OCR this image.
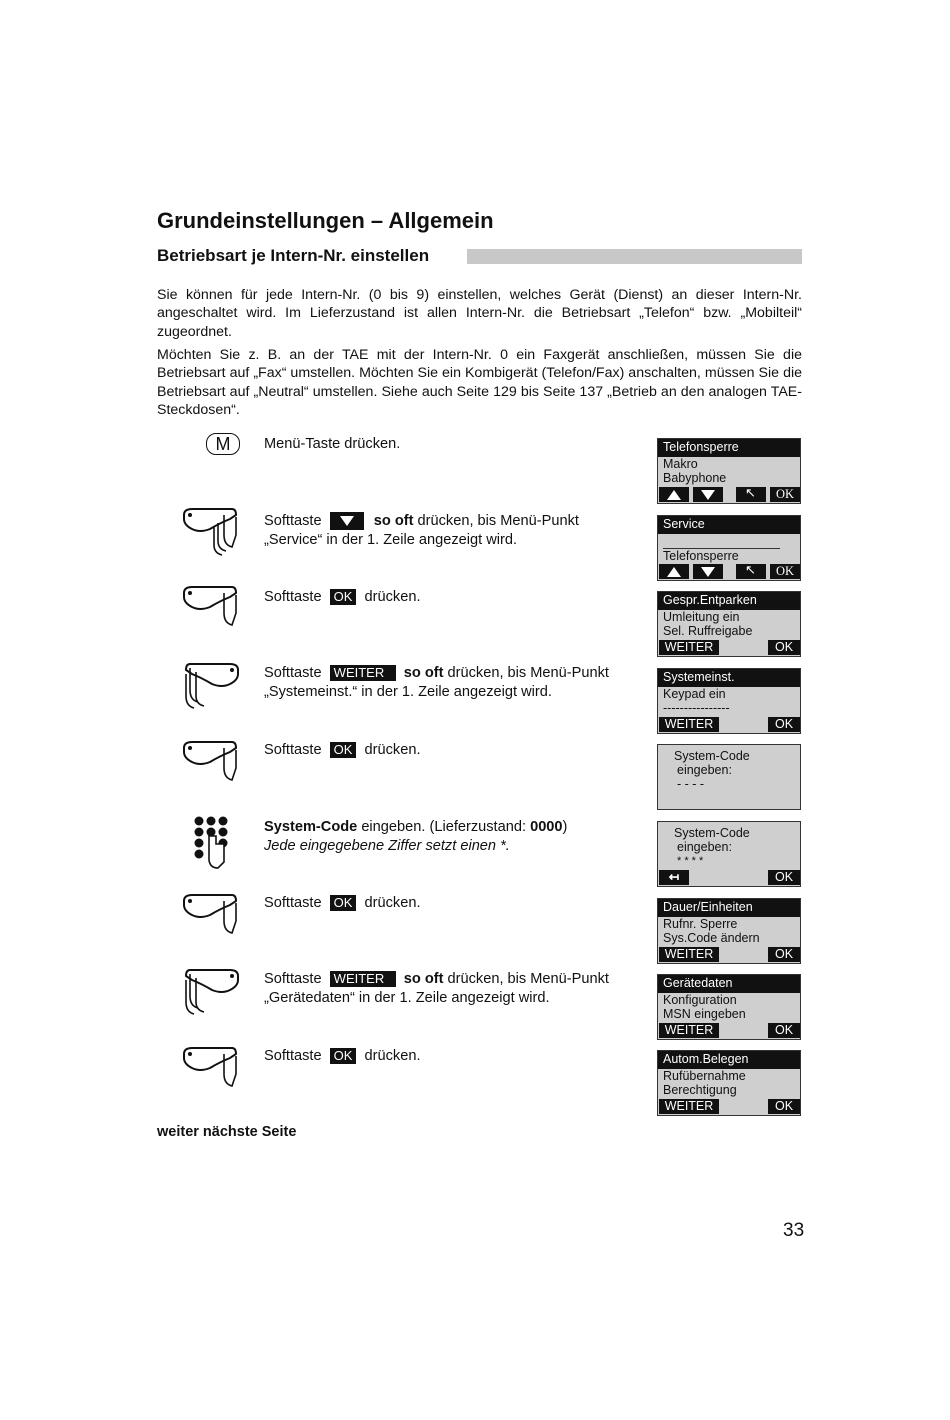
Grundeinstellungen – Allgemein
Betriebsart je Intern-Nr. einstellen

Sie können für jede Intern-Nr. (0 bis 9) einstellen, welches Gerät (Dienst) an dieser Intern-Nr. angeschaltet wird. Im Lieferzustand ist allen Intern-Nr. die Betriebsart „Telefon“ bzw. „Mobilteil“ zugeordnet.

Möchten Sie z. B. an der TAE mit der Intern-Nr. 0 ein Faxgerät anschließen, müssen Sie die Betriebsart auf „Fax“ umstellen. Möchten Sie ein Kombigerät (Telefon/Fax) anschalten, müssen Sie die Betriebsart auf „Neutral“ umstellen. Siehe auch Seite 129 bis Seite 137 „Betrieb an den analogen TAE-Steckdosen“.

M	Menü-Taste drücken.
Softtaste	so oft drücken, bis Menü-Punkt „Service“ in der 1. Zeile angezeigt wird.
Softtaste OK drücken.
Softtaste WEITER so oft drücken, bis Menü-Punkt „Systemeinst.“ in der 1. Zeile angezeigt wird.
Softtaste OK drücken.
System-Code eingeben. (Lieferzustand: 0000)
Jede eingegebene Ziffer setzt einen *.
Softtaste OK drücken.
Softtaste WEITER so oft drücken, bis Menü-Punkt „Gerätedaten“ in der 1. Zeile angezeigt wird.
Softtaste OK drücken.
Telefonsperre
Makro
Babyphone
↖	OK
Service
Telefonsperre
↖	OK
Gespr.Entparken
Umleitung ein
Sel. Ruffreigabe
WEITER	OK
Systemeinst.
Keypad ein
----------------
WEITER	OK
System-Code
eingeben:
- - - -
System-Code
eingeben:
* * * *
↤	OK
Dauer/Einheiten
Rufnr. Sperre
Sys.Code ändern
WEITER	OK
Gerätedaten
Konfiguration
MSN eingeben
WEITER	OK
Autom.Belegen
Rufübernahme
Berechtigung
WEITER	OK
weiter nächste Seite
33
